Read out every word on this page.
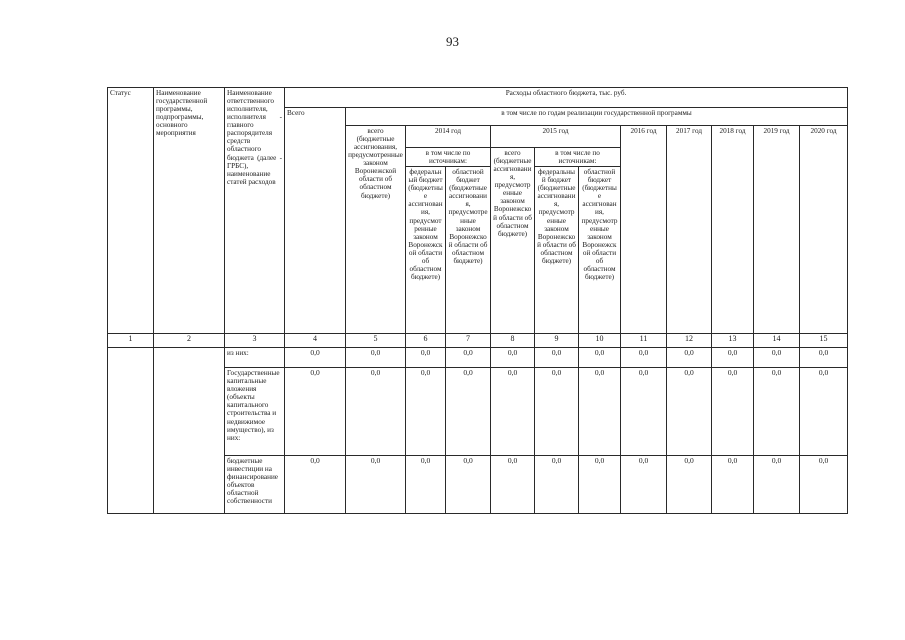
93
Статус	Наименование государственной программы, подпрограммы, основного мероприятия	Наименование ответственного исполнителя, исполнителя - главного распорядителя средств областного бюджета (далее - ГРБС), наименование статей расходов	Расходы областного бюджета, тыс. руб.											
			Всего	в том числе по годам реализации государственной программы										
				всего (бюджетные ассигнования, предусмотренные законом Воронежской области об областном бюджете)	2014 год		2015 год			2016 год	2017 год	2018 год	2019 год	2020 год
					в том числе по источникам:		всего (бюджетные ассигнования, предусмотренные законом Воронежской области об областном бюджете)	в том числе по источникам:						
					федеральный бюджет (бюджетные ассигнования, предусмотренные законом Воронежской области об областном бюджете)	областной бюджет (бюджетные ассигнования, предусмотренные законом Воронежской области об областном бюджете)		федеральный бюджет (бюджетные ассигнования, предусмотренные законом Воронежской области об областном бюджете)	областной бюджет (бюджетные ассигнования, предусмотренные законом Воронежской области об областном бюджете)					
1	2	3	4	5	6	7	8	9	10	11	12	13	14	15
		из них:	0,0	0,0	0,0	0,0	0,0	0,0	0,0	0,0	0,0	0,0	0,0	0,0
		Государственные капитальные вложения (объекты капитального строительства и недвижимое имущество), из них:	0,0	0,0	0,0	0,0	0,0	0,0	0,0	0,0	0,0	0,0	0,0	0,0
		бюджетные инвестиции на финансирование объектов областной собственности	0,0	0,0	0,0	0,0	0,0	0,0	0,0	0,0	0,0	0,0	0,0	0,0
